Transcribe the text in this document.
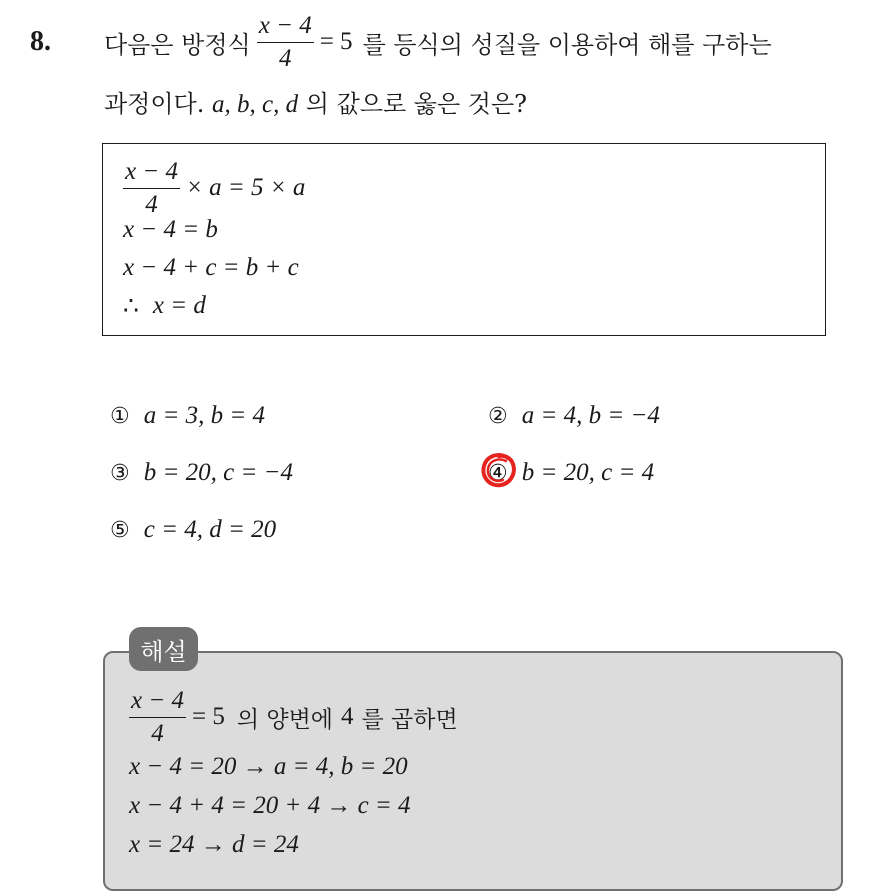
8. 다음은 방정식 $\frac{x - 4}{4} = 5$ 를 등식의 성질을 이용하여 해를 구하는
과정이다. a, b, c, d 의 값으로 옳은 것은?
$\frac{x - 4}{4} \times a = 5 \times a$
x − 4 = b
x − 4 + c = b + c
∴ x = d
① a = 3, b = 4	② a = 4, b = −4
③ b = 20, c = −4	④ b = 20, c = 4
⑤ c = 4, d = 20
$\frac{x - 4}{4} = 5$ 의 양변에 4 를 곱하면
x − 4 = 20 → a = 4, b = 20
x − 4 + 4 = 20 + 4 → c = 4
x = 24 → d = 24
해설
